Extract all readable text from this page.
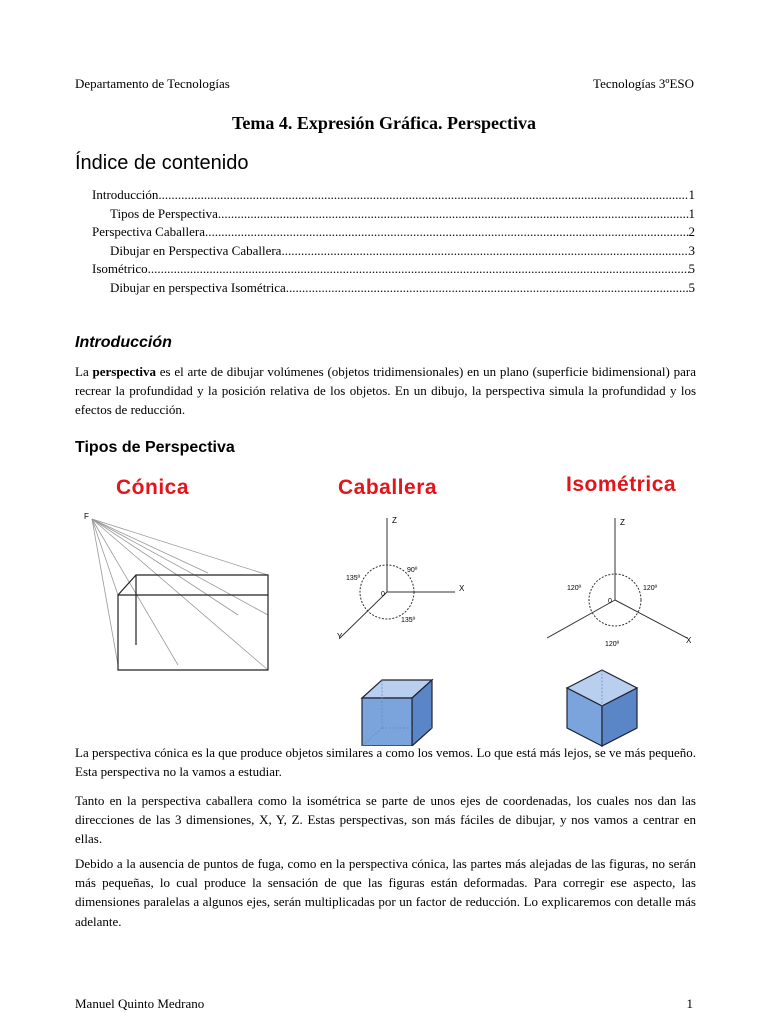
Departamento de Tecnologías	Tecnologías 3ºESO
Tema 4. Expresión Gráfica. Perspectiva
Índice de contenido
Introducción .....	1
Tipos de Perspectiva .....	1
Perspectiva Caballera .....	2
Dibujar en Perspectiva Caballera .....	3
Isométrico .....	5
Dibujar en perspectiva Isométrica .....	5
Introducción

La perspectiva es el arte de dibujar volúmenes (objetos tridimensionales) en un plano (superficie bidimensional) para recrear la profundidad y la posición relativa de los objetos. En un dibujo, la perspectiva simula la profundidad y los efectos de reducción.

Tipos de Perspectiva
Cónica	Caballera	Isométrica
F	Z
X
Y
0
90º
135º
135º
Z
X
0
120º	120º
120º

La perspectiva cónica es la que produce objetos similares a como los vemos. Lo que está más lejos, se ve más pequeño. Esta perspectiva no la vamos a estudiar.

Tanto en la perspectiva caballera como la isométrica se parte de unos ejes de coordenadas, los cuales nos dan las direcciones de las 3 dimensiones, X, Y, Z. Estas perspectivas, son más fáciles de dibujar, y nos vamos a centrar en ellas.

Debido a la ausencia de puntos de fuga, como en la perspectiva cónica, las partes más alejadas de las figuras, no serán más pequeñas, lo cual produce la sensación de que las figuras están deformadas. Para corregir ese aspecto, las dimensiones paralelas a algunos ejes, serán multiplicadas por un factor de reducción. Lo explicaremos con detalle más adelante.

Manuel Quinto Medrano	1
